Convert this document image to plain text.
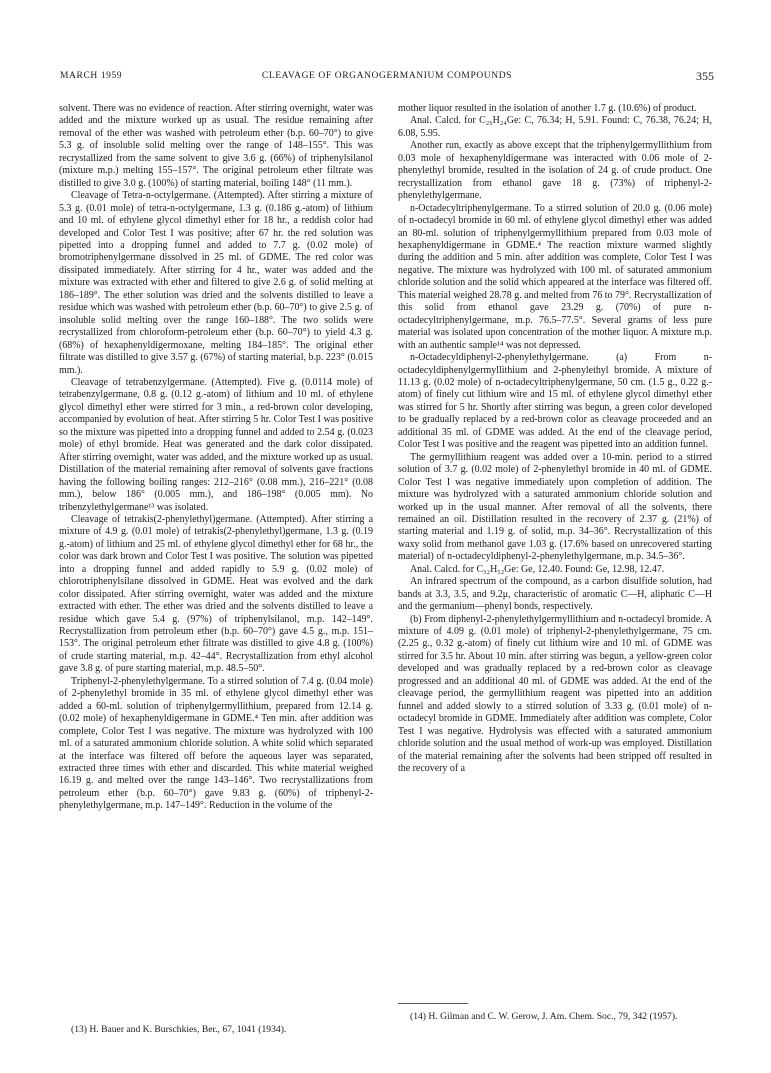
MARCH 1959	CLEAVAGE OF ORGANOGERMANIUM COMPOUNDS	355

solvent. There was no evidence of reaction. After stirring overnight, water was added and the mixture worked up as usual. The residue remaining after removal of the ether was washed with petroleum ether (b.p. 60–70°) to give 5.3 g. of insoluble solid melting over the range of 148–155°. This was recrystallized from the same solvent to give 3.6 g. (66%) of triphenylsilanol (mixture m.p.) melting 155–157°. The original petroleum ether filtrate was distilled to give 3.0 g. (100%) of starting material, boiling 148° (11 mm.).

Cleavage of Tetra-n-octylgermane. (Attempted). After stirring a mixture of 5.3 g. (0.01 mole) of tetra-n-octylgermane, 1.3 g. (0.186 g.-atom) of lithium and 10 ml. of ethylene glycol dimethyl ether for 18 hr., a reddish color had developed and Color Test I was positive; after 67 hr. the red solution was pipetted into a dropping funnel and added to 7.7 g. (0.02 mole) of bromotriphenylgermane dissolved in 25 ml. of GDME. The red color was dissipated immediately. After stirring for 4 hr., water was added and the mixture was extracted with ether and filtered to give 2.6 g. of solid melting at 186–189°. The ether solution was dried and the solvents distilled to leave a residue which was washed with petroleum ether (b.p. 60–70°) to give 2.5 g. of insoluble solid melting over the range 160–188°. The two solids were recrystallized from chloroform-petroleum ether (b.p. 60–70°) to yield 4.3 g. (68%) of hexaphenyldigermoxane, melting 184–185°. The original ether filtrate was distilled to give 3.57 g. (67%) of starting material, b.p. 223° (0.015 mm.).

Cleavage of tetrabenzylgermane. (Attempted). Five g. (0.0114 mole) of tetrabenzylgermane, 0.8 g. (0.12 g.-atom) of lithium and 10 ml. of ethylene glycol dimethyl ether were stirred for 3 min., a red-brown color developing, accompanied by evolution of heat. After stirring 5 hr. Color Test I was positive so the mixture was pipetted into a dropping funnel and added to 2.54 g. (0.023 mole) of ethyl bromide. Heat was generated and the dark color dissipated. After stirring overnight, water was added, and the mixture worked up as usual. Distillation of the material remaining after removal of solvents gave fractions having the following boiling ranges: 212–216° (0.08 mm.), 216–221° (0.08 mm.), below 186° (0.005 mm.), and 186–198° (0.005 mm). No tribenzylethylgermane¹³ was isolated.

Cleavage of tetrakis(2-phenylethyl)germane. (Attempted). After stirring a mixture of 4.9 g. (0.01 mole) of tetrakis(2-phenylethyl)germane, 1.3 g. (0.19 g.-atom) of lithium and 25 ml. of ethylene glycol dimethyl ether for 68 hr., the color was dark brown and Color Test I was positive. The solution was pipetted into a dropping funnel and added rapidly to 5.9 g. (0.02 mole) of chlorotriphenylsilane dissolved in GDME. Heat was evolved and the dark color dissipated. After stirring overnight, water was added and the mixture extracted with ether. The ether was dried and the solvents distilled to leave a residue which gave 5.4 g. (97%) of triphenylsilanol, m.p. 142–149°. Recrystallization from petroleum ether (b.p. 60–70°) gave 4.5 g., m.p. 151–153°. The original petroleum ether filtrate was distilled to give 4.8 g. (100%) of crude starting material, m.p. 42–44°. Recrystallization from ethyl alcohol gave 3.8 g. of pure starting material, m.p. 48.5–50°.

Triphenyl-2-phenylethylgermane. To a stirred solution of 7.4 g. (0.04 mole) of 2-phenylethyl bromide in 35 ml. of ethylene glycol dimethyl ether was added a 60-ml. solution of triphenylgermyllithium, prepared from 12.14 g. (0.02 mole) of hexaphenyldigermane in GDME.⁴ Ten min. after addition was complete, Color Test I was negative. The mixture was hydrolyzed with 100 ml. of a saturated ammonium chloride solution. A white solid which separated at the interface was filtered off before the aqueous layer was separated, extracted three times with ether and discarded. This white material weighed 16.19 g. and melted over the range 143–146°. Two recrystallizations from petroleum ether (b.p. 60–70°) gave 9.83 g. (60%) of triphenyl-2-phenylethylgermane, m.p. 147–149°. Reduction in the volume of the

mother liquor resulted in the isolation of another 1.7 g. (10.6%) of product.

Anal. Calcd. for C₂₆H₂₄Ge: C, 76.34; H, 5.91. Found: C, 76.38, 76.24; H, 6.08, 5.95.

Another run, exactly as above except that the triphenylgermyllithium from 0.03 mole of hexaphenyldigermane was interacted with 0.06 mole of 2-phenylethyl bromide, resulted in the isolation of 24 g. of crude product. One recrystallization from ethanol gave 18 g. (73%) of triphenyl-2-phenylethylgermane.

n-Octadecyltriphenylgermane. To a stirred solution of 20.0 g. (0.06 mole) of n-octadecyl bromide in 60 ml. of ethylene glycol dimethyl ether was added an 80-ml. solution of triphenylgermyllithium prepared from 0.03 mole of hexaphenyldigermane in GDME.⁴ The reaction mixture warmed slightly during the addition and 5 min. after addition was complete, Color Test I was negative. The mixture was hydrolyzed with 100 ml. of saturated ammonium chloride solution and the solid which appeared at the interface was filtered off. This material weighed 28.78 g. and melted from 76 to 79°. Recrystallization of this solid from ethanol gave 23.29 g. (70%) of pure n-octadecyltriphenylgermane, m.p. 76.5–77.5°. Several grams of less pure material was isolated upon concentration of the mother liquor. A mixture m.p. with an authentic sample¹⁴ was not depressed.

n-Octadecyldiphenyl-2-phenylethylgermane. (a) From n-octadecyldiphenylgermyllithium and 2-phenylethyl bromide. A mixture of 11.13 g. (0.02 mole) of n-octadecyltriphenylgermane, 50 cm. (1.5 g., 0.22 g.-atom) of finely cut lithium wire and 15 ml. of ethylene glycol dimethyl ether was stirred for 5 hr. Shortly after stirring was begun, a green color developed to be gradually replaced by a red-brown color as cleavage proceeded and an additional 35 ml. of GDME was added. At the end of the cleavage period, Color Test I was positive and the reagent was pipetted into an addition funnel.

The germyllithium reagent was added over a 10-min. period to a stirred solution of 3.7 g. (0.02 mole) of 2-phenylethyl bromide in 40 ml. of GDME. Color Test I was negative immediately upon completion of addition. The mixture was hydrolyzed with a saturated ammonium chloride solution and worked up in the usual manner. After removal of all the solvents, there remained an oil. Distillation resulted in the recovery of 2.37 g. (21%) of starting material and 1.19 g. of solid, m.p. 34–36°. Recrystallization of this waxy solid from methanol gave 1.03 g. (17.6% based on unrecovered starting material) of n-octadecyldiphenyl-2-phenylethylgermane, m.p. 34.5–36°.

Anal. Calcd. for C₃₂H₅₂Ge: Ge, 12.40. Found: Ge, 12.98, 12.47.

An infrared spectrum of the compound, as a carbon disulfide solution, had bands at 3.3, 3.5, and 9.2μ, characteristic of aromatic C—H, aliphatic C—H and the germanium—phenyl bonds, respectively.

(b) From diphenyl-2-phenylethylgermyllithium and n-octadecyl bromide. A mixture of 4.09 g. (0.01 mole) of triphenyl-2-phenylethylgermane, 75 cm. (2.25 g., 0.32 g.-atom) of finely cut lithium wire and 10 ml. of GDME was stirred for 3.5 hr. About 10 min. after stirring was begun, a yellow-green color developed and was gradually replaced by a red-brown color as cleavage progressed and an additional 40 ml. of GDME was added. At the end of the cleavage period, the germyllithium reagent was pipetted into an addition funnel and added slowly to a stirred solution of 3.33 g. (0.01 mole) of n-octadecyl bromide in GDME. Immediately after addition was complete, Color Test I was negative. Hydrolysis was effected with a saturated ammonium chloride solution and the usual method of work-up was employed. Distillation of the material remaining after the solvents had been stripped off resulted in the recovery of a

(13) H. Bauer and K. Burschkies, Ber., 67, 1041 (1934).

(14) H. Gilman and C. W. Gerow, J. Am. Chem. Soc., 79, 342 (1957).
